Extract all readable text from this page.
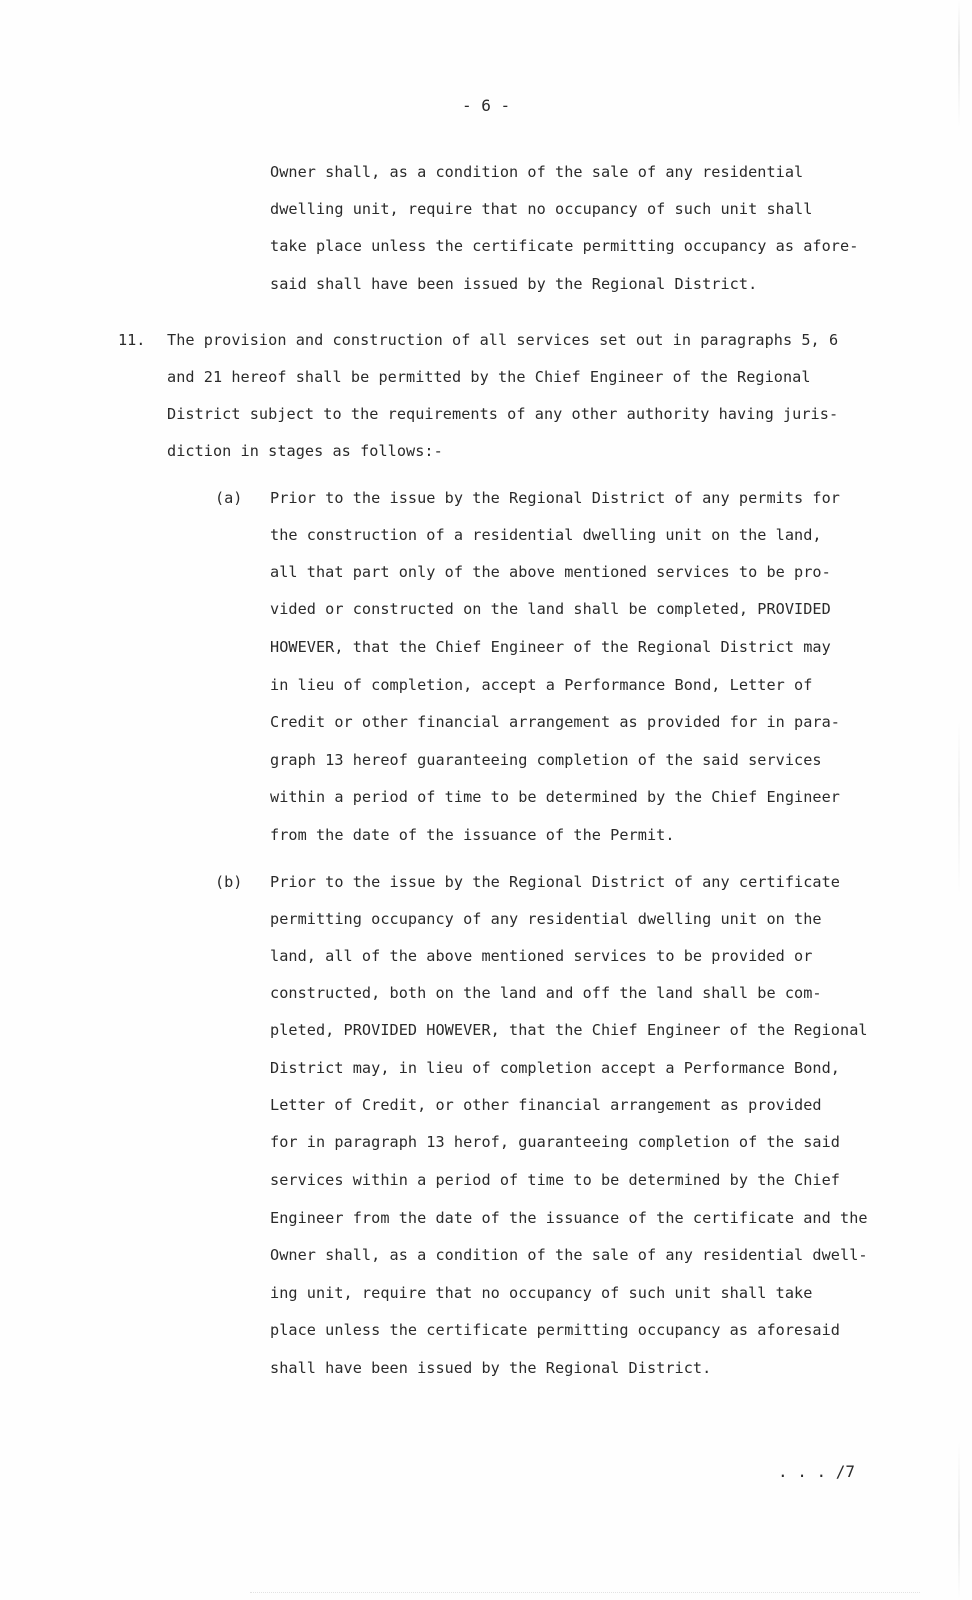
- 6 -
Owner shall, as a condition of the sale of any residential
dwelling unit, require that no occupancy of such unit shall
take place unless the certificate permitting occupancy as afore-
said shall have been issued by the Regional District.
11. The provision and construction of all services set out in paragraphs 5, 6
and 21 hereof shall be permitted by the Chief Engineer of the Regional
District subject to the requirements of any other authority having juris-
diction in stages as follows:-
(a) Prior to the issue by the Regional District of any permits for
the construction of a residential dwelling unit on the land,
all that part only of the above mentioned services to be pro-
vided or constructed on the land shall be completed, PROVIDED
HOWEVER, that the Chief Engineer of the Regional District may
in lieu of completion, accept a Performance Bond, Letter of
Credit or other financial arrangement as provided for in para-
graph 13 hereof guaranteeing completion of the said services
within a period of time to be determined by the Chief Engineer
from the date of the issuance of the Permit.
(b) Prior to the issue by the Regional District of any certificate
permitting occupancy of any residential dwelling unit on the
land, all of the above mentioned services to be provided or
constructed, both on the land and off the land shall be com-
pleted, PROVIDED HOWEVER, that the Chief Engineer of the Regional
District may, in lieu of completion accept a Performance Bond,
Letter of Credit, or other financial arrangement as provided
for in paragraph 13 herof, guaranteeing completion of the said
services within a period of time to be determined by the Chief
Engineer from the date of the issuance of the certificate and the
Owner shall, as a condition of the sale of any residential dwell-
ing unit, require that no occupancy of such unit shall take
place unless the certificate permitting occupancy as aforesaid
shall have been issued by the Regional District.
. . . /7
